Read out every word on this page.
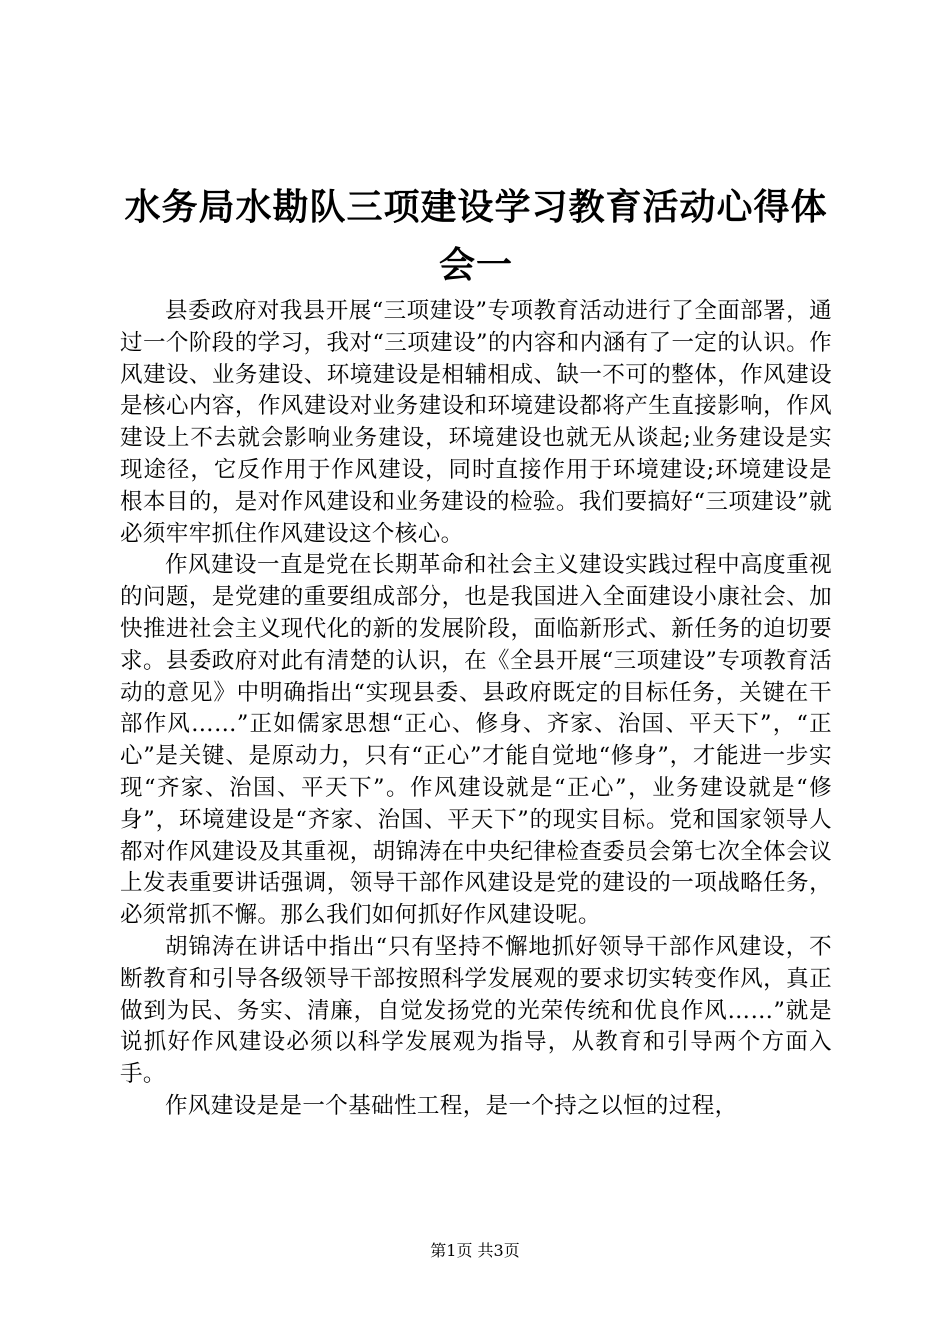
水务局水勘队三项建设学习教育活动心得体会一

县委政府对我县开展“三项建设”专项教育活动进行了全面部署，通过一个阶段的学习，我对“三项建设”的内容和内涵有了一定的认识。作风建设、业务建设、环境建设是相辅相成、缺一不可的整体，作风建设是核心内容，作风建设对业务建设和环境建设都将产生直接影响，作风建设上不去就会影响业务建设，环境建设也就无从谈起;业务建设是实现途径，它反作用于作风建设，同时直接作用于环境建设;环境建设是根本目的，是对作风建设和业务建设的检验。我们要搞好“三项建设”就必须牢牢抓住作风建设这个核心。

作风建设一直是党在长期革命和社会主义建设实践过程中高度重视的问题，是党建的重要组成部分，也是我国进入全面建设小康社会、加快推进社会主义现代化的新的发展阶段，面临新形式、新任务的迫切要求。县委政府对此有清楚的认识，在《全县开展“三项建设”专项教育活动的意见》中明确指出“实现县委、县政府既定的目标任务，关键在干部作风……”正如儒家思想“正心、修身、齐家、治国、平天下”，“正心”是关键、是原动力，只有“正心”才能自觉地“修身”，才能进一步实现“齐家、治国、平天下”。作风建设就是“正心”，业务建设就是“修身”，环境建设是“齐家、治国、平天下”的现实目标。党和国家领导人都对作风建设及其重视，胡锦涛在中央纪律检查委员会第七次全体会议上发表重要讲话强调，领导干部作风建设是党的建设的一项战略任务，必须常抓不懈。那么我们如何抓好作风建设呢。

胡锦涛在讲话中指出“只有坚持不懈地抓好领导干部作风建设，不断教育和引导各级领导干部按照科学发展观的要求切实转变作风，真正做到为民、务实、清廉，自觉发扬党的光荣传统和优良作风……”就是说抓好作风建设必须以科学发展观为指导，从教育和引导两个方面入手。

作风建设是是一个基础性工程，是一个持之以恒的过程，

第1页 共3页
